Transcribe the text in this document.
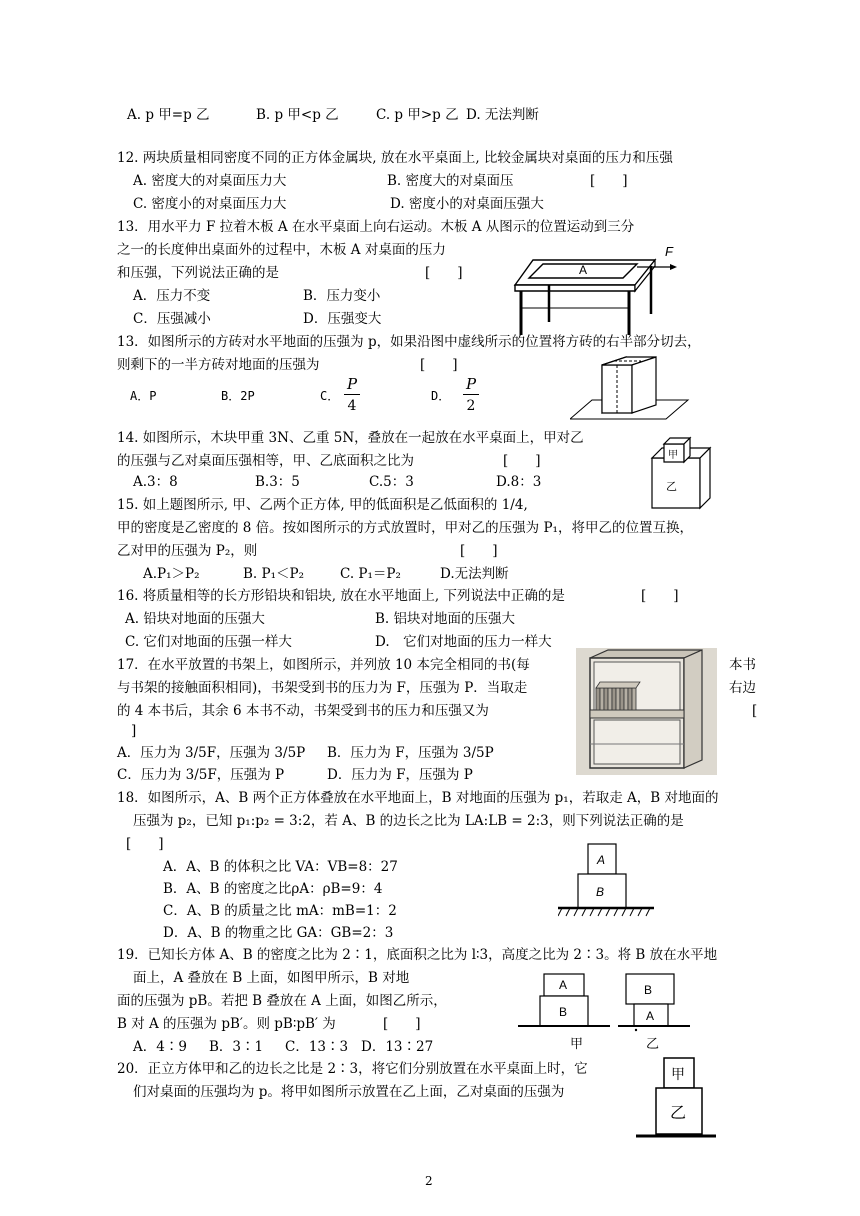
A. p 甲=p 乙	B. p 甲<p 乙	C. p 甲>p 乙 D. 无法判断
12. 两块质量相同密度不同的正方体金属块, 放在水平桌面上, 比较金属块对桌面的压力和压强
A. 密度大的对桌面压力大	B. 密度大的对桌面压	[　　]
C. 密度小的对桌面压力大	D. 密度小的对桌面压强大
13．用水平力 F 拉着木板 A 在水平桌面上向右运动。木板 A 从图示的位置运动到三分
之一的长度伸出桌面外的过程中，木板 A 对桌面的压力
和压强，下列说法正确的是	[　　]
A．压力不变	B．压力变小
C．压强减小	D．压强变大
A
F
13．如图所示的方砖对水平地面的压强为 p，如果沿图中虚线所示的位置将方砖的右半部分切去，
则剩下的一半方砖对地面的压强为	[　　]
A．P	B．2P	C．
P
4
D．
P
2
14. 如图所示，木块甲重 3N、乙重 5N，叠放在一起放在水平桌面上，甲对乙
的压强与乙对桌面压强相等，甲、乙底面积之比为	[　　]
A.3：8	B.3：5	C.5：3	D.8：3
甲
乙
15. 如上题图所示, 甲、乙两个正方体, 甲的低面积是乙低面积的 1/4,
甲的密度是乙密度的 8 倍。按如图所示的方式放置时，甲对乙的压强为 P₁，将甲乙的位置互换，
乙对甲的压强为 P₂，则	[　　]
A.P₁＞P₂	B. P₁＜P₂	C. P₁＝P₂	D.无法判断
16. 将质量相等的长方形铅块和铝块, 放在水平地面上, 下列说法中正确的是	[　　]
A. 铅块对地面的压强大	B. 铝块对地面的压强大
C. 它们对地面的压强一样大	D.　它们对地面的压力一样大
17．在水平放置的书架上，如图所示，并列放 10 本完全相同的书(每	本书
与书架的接触面积相同)，书架受到书的压力为 F，压强为 P．当取走	右边
的 4 本书后，其余 6 本书不动，书架受到书的压力和压强又为	[
]
A．压力为 3/5F，压强为 3/5P B．压力为 F，压强为 3/5P
C．压力为 3/5F，压强为 P	D．压力为 F，压强为 P
18．如图所示，A、B 两个正方体叠放在水平地面上，B 对地面的压强为 p₁，若取走 A，B 对地面的
压强为 p₂，已知 p₁:p₂ = 3:2，若 A、B 的边长之比为 LA:LB = 2:3，则下列说法正确的是
[　　]
A．A、B 的体积之比 VA：VB=8：27
B．A、B 的密度之比ρA：ρB=9：4
C．A、B 的质量之比 mA：mB=1：2
D．A、B 的物重之比 GA：GB=2：3
A
B
19．已知长方体 A、B 的密度之比为 2∶1，底面积之比为 l∶3，高度之比为 2∶3。将 B 放在水平地
面上，A 叠放在 B 上面，如图甲所示，B 对地
面的压强为 pB。若把 B 叠放在 A 上面，如图乙所示，
B 对 A 的压强为 pB′。则 pB∶pB′ 为	[　　]
A．4∶9 B．3∶1 C．13∶3 D．13∶27
A
B
甲
B
A
乙
20．正立方体甲和乙的边长之比是 2∶3，将它们分别放置在水平桌面上时，它
们对桌面的压强均为 p。将甲如图所示放置在乙上面，乙对桌面的压强为
甲
乙
2
